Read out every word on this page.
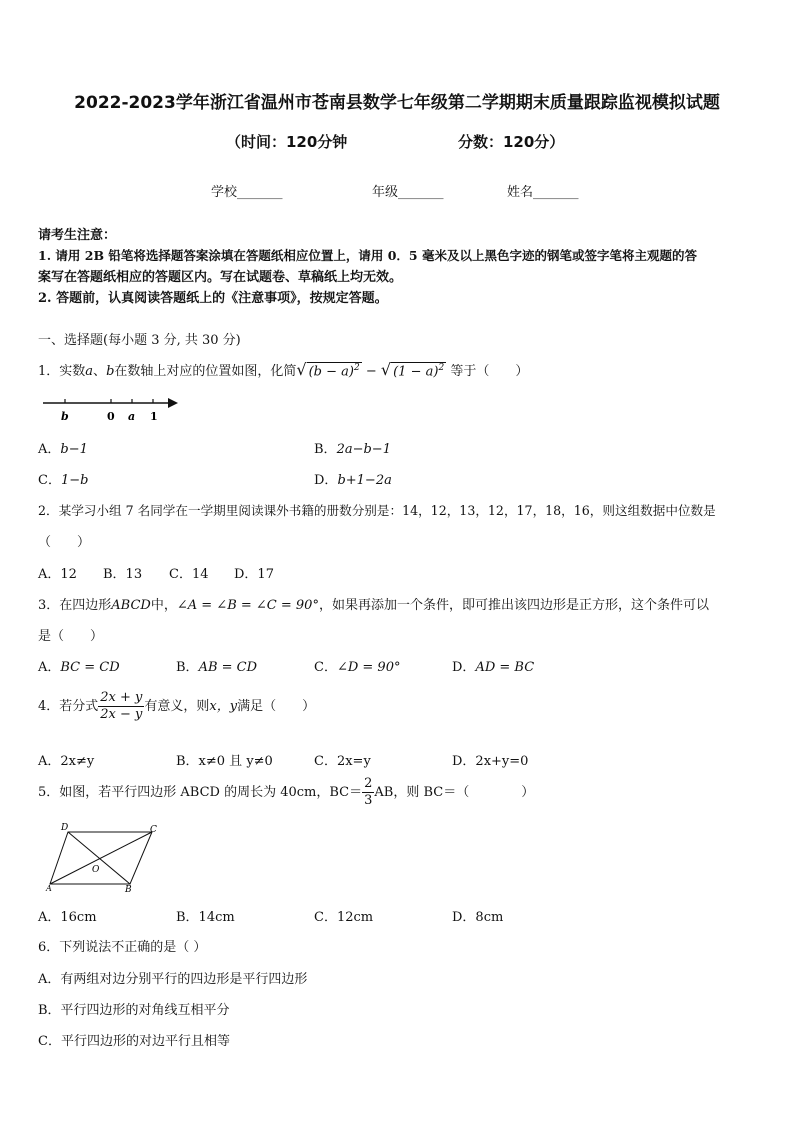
2022-2023学年浙江省温州市苍南县数学七年级第二学期期末质量跟踪监视模拟试题
（时间：120分钟	分数：120分）
学校_______	年级_______	姓名_______
请考生注意：
1. 请用 2B 铅笔将选择题答案涂填在答题纸相应位置上，请用 0．5 毫米及以上黑色字迹的钢笔或签字笔将主观题的答
案写在答题纸相应的答题区内。写在试题卷、草稿纸上均无效。
2. 答题前，认真阅读答题纸上的《注意事项》，按规定答题。
一、选择题(每小题 3 分, 共 30 分)
1．实数a、b在数轴上对应的位置如图，化简√ $(b - a)^2$ − √ $(1 - a)^2$ 等于（　　）
b	0 a 1
A．b−1	B．2a−b−1
C．1−b	D．b+1−2a
2．某学习小组 7 名同学在一学期里阅读课外书籍的册数分别是：14，12，13，12，17，18，16，则这组数据中位数是
（　　）
A．12 B．13 C．14 D．17
3．在四边形ABCD中，∠A = ∠B = ∠C = 90°，如果再添加一个条件，即可推出该四边形是正方形，这个条件可以
是（　　）
A．BC = CD	B．AB = CD	C．∠D = 90°	D．AD = BC
4．若分式 $\frac{2x + y}{2x - y}$ 有意义，则x，y满足（　　）
A．2x≠y	B．x≠0 且 y≠0	C．2x=y	D．2x+y=0
5．如图，若平行四边形 ABCD 的周长为 40cm，$BC= \frac{2}{3}$ AB，则 BC＝（　　　　）
D	C
O
A	B
A．16cm	B．14cm	C．12cm	D．8cm
6．下列说法不正确的是（ ）
A．有两组对边分别平行的四边形是平行四边形
B．平行四边形的对角线互相平分
C．平行四边形的对边平行且相等
